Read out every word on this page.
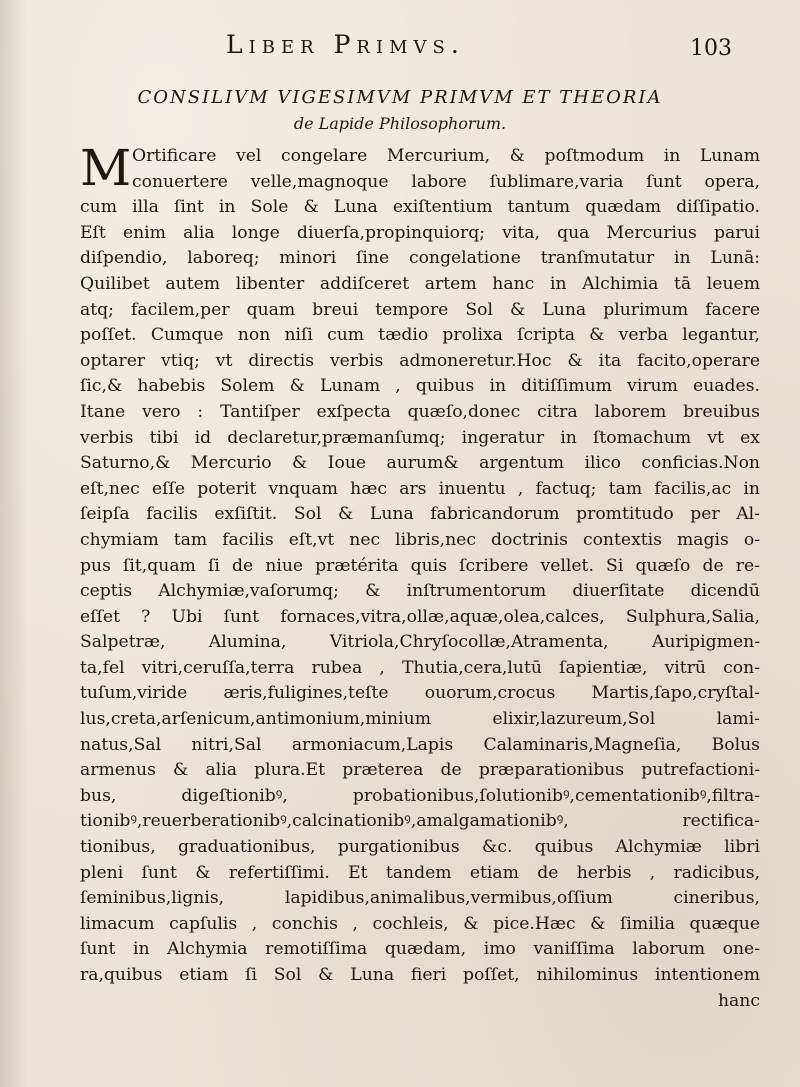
Liber Primvs.	103
CONSILIVM VIGESIMVM PRIMVM ET THEORIA
de Lapide Philosophorum.
M Ortificare vel congelare Mercurium, & poſtmodum in Lunam
conuertere velle,magnoque labore ſublimare,varia ſunt opera,
cum illa ſint in Sole & Luna exiſtentium tantum quædam diſſipatio.
Eſt enim alia longe diuerſa,propinquiorq; vita, qua Mercurius parui
diſpendio, laboreq; minori ſine congelatione tranſmutatur in Lunā:
Quilibet autem libenter addiſceret artem hanc in Alchimia tā leuem
atq; facilem,per quam breui tempore Sol & Luna plurimum facere
poſſet. Cumque non niſi cum tædio prolixa ſcripta & verba legantur,
optarer vtiq; vt directis verbis admoneretur.Hoc & ita facito,operare
ſic,& habebis Solem & Lunam , quibus in ditiſſimum virum euades.
Itane vero : Tantiſper exſpecta quæſo,donec citra laborem breuibus
verbis tibi id declaretur,præmanſumq; ingeratur in ſtomachum vt ex
Saturno,& Mercurio & Ioue aurum& argentum ilico conficias.Non
eſt,nec eſſe poterit vnquam hæc ars inuentu , factuq; tam facilis,ac in
ſeipſa facilis exſiſtit. Sol & Luna fabricandorum promtitudo per Al-
chymiam tam facilis eſt,vt nec libris,nec doctrinis contextis magis o-
pus ſit,quam ſi de niue prætérita quis ſcribere vellet. Si quæſo de re-
ceptis Alchymiæ,vaſorumq; & inſtrumentorum diuerſitate dicendū
eſſet ? Ubi ſunt fornaces,vitra,ollæ,aquæ,olea,calces, Sulphura,Salia,
Salpetræ, Alumina, Vitriola,Chryſocollæ,Atramenta, Auripigmen-
ta,fel vitri,ceruſſa,terra rubea , Thutia,cera,lutū ſapientiæ, vitrū con-
tuſum,viride æris,fuligines,teſte ouorum,crocus Martis,ſapo,cryſtal-
lus,creta,arſenicum,antimonium,minium elixir,lazureum,Sol lami-
natus,Sal nitri,Sal armoniacum,Lapis Calaminaris,Magneſia, Bolus
armenus & alia plura.Et præterea de præparationibus putrefactioni-
bus, digeſtionibꝰ, probationibus,ſolutionibꝰ,cementationibꝰ,filtra-
tionibꝰ,reuerberationibꝰ,calcinationibꝰ,amalgamationibꝰ, rectifica-
tionibus, graduationibus, purgationibus &c. quibus Alchymiæ libri
pleni ſunt & refertiſſimi. Et tandem etiam de herbis , radicibus,
ſeminibus,lignis, lapidibus,animalibus,vermibus,oſſium cineribus,
limacum capſulis , conchis , cochleis, & pice.Hæc & ſimilia quæque
ſunt in Alchymia remotiſſima quædam, imo vaniſſima laborum one-
ra,quibus etiam ſi Sol & Luna fieri poſſet, nihilominus intentionem
hanc
